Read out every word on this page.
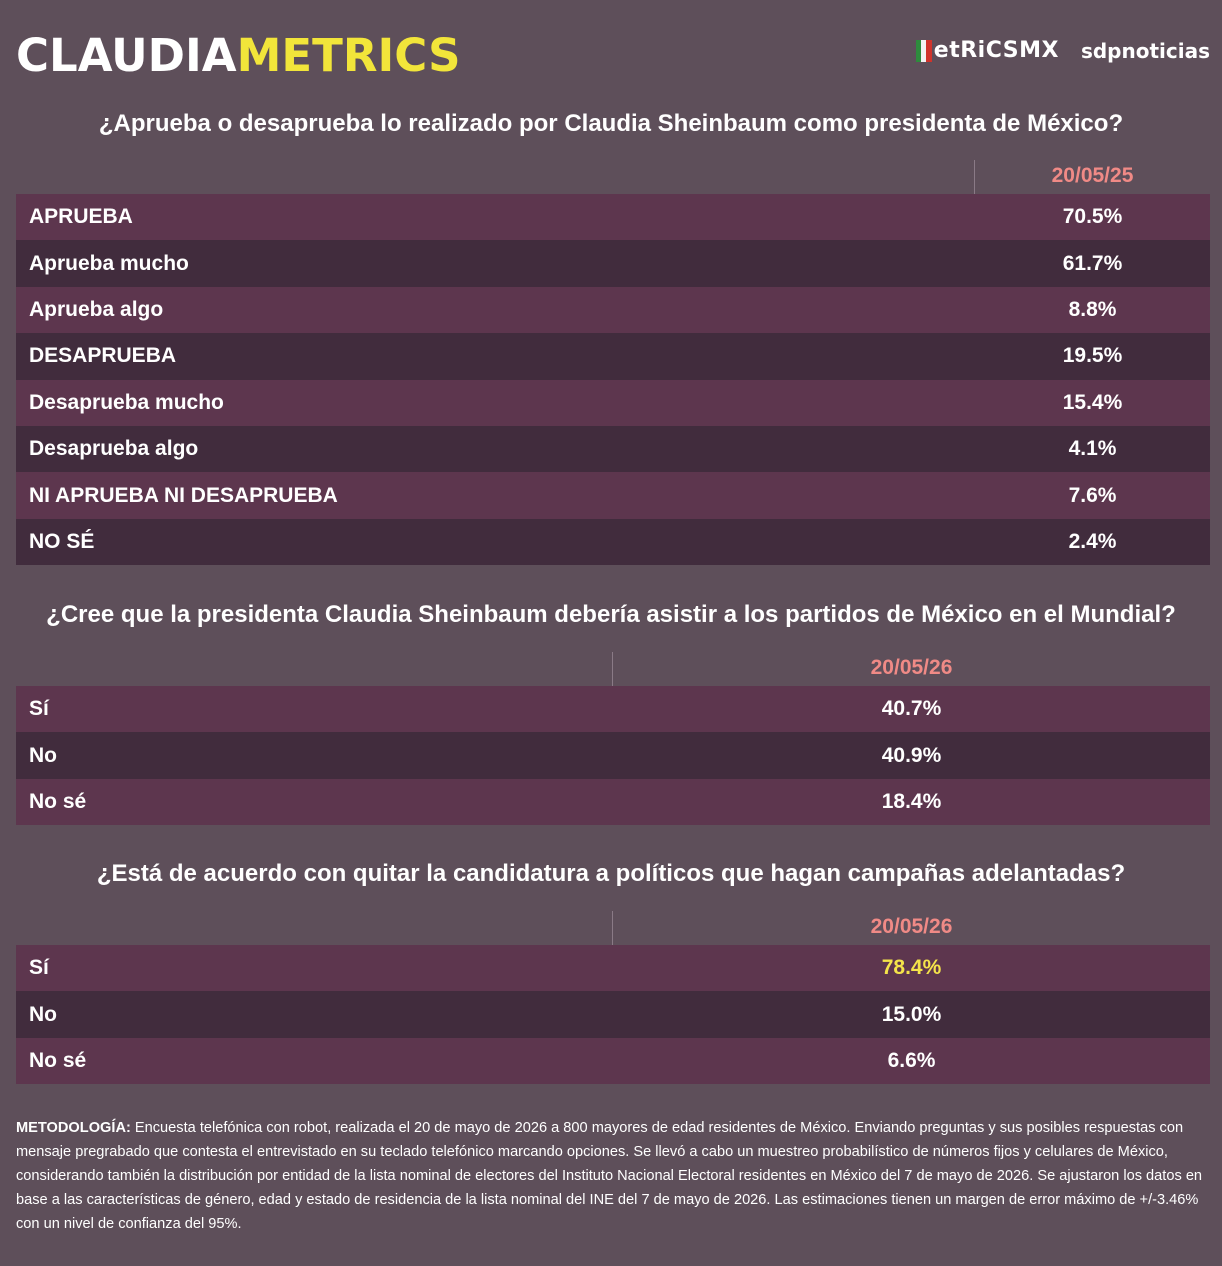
CLAUDIAMETRICS	etRiCSMX sdpnoticias
¿Aprueba o desaprueba lo realizado por Claudia Sheinbaum como presidenta de México?
20/05/25
APRUEBA	70.5%
Aprueba mucho	61.7%
Aprueba algo	8.8%
DESAPRUEBA	19.5%
Desaprueba mucho	15.4%
Desaprueba algo	4.1%
NI APRUEBA NI DESAPRUEBA	7.6%
NO SÉ	2.4%
¿Cree que la presidenta Claudia Sheinbaum debería asistir a los partidos de México en el Mundial?
20/05/26
Sí	40.7%
No	40.9%
No sé	18.4%
¿Está de acuerdo con quitar la candidatura a políticos que hagan campañas adelantadas?
20/05/26
Sí	78.4%
No	15.0%
No sé	6.6%
METODOLOGÍA: Encuesta telefónica con robot, realizada el 20 de mayo de 2026 a 800 mayores de edad residentes de México. Enviando preguntas y sus posibles respuestas con mensaje pregrabado que contesta el entrevistado en su teclado telefónico marcando opciones. Se llevó a cabo un muestreo probabilístico de números fijos y celulares de México, considerando también la distribución por entidad de la lista nominal de electores del Instituto Nacional Electoral residentes en México del 7 de mayo de 2026. Se ajustaron los datos en base a las características de género, edad y estado de residencia de la lista nominal del INE del 7 de mayo de 2026. Las estimaciones tienen un margen de error máximo de +/-3.46% con un nivel de confianza del 95%.
